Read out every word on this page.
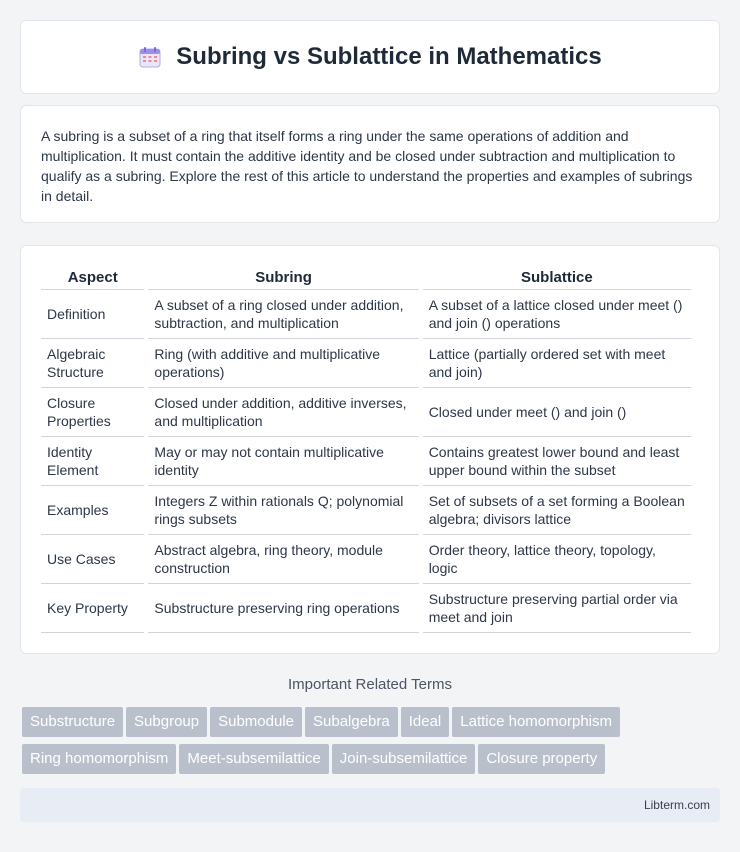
Subring vs Sublattice in Mathematics

A subring is a subset of a ring that itself forms a ring under the same operations of addition and multiplication. It must contain the additive identity and be closed under subtraction and multiplication to qualify as a subring. Explore the rest of this article to understand the properties and examples of subrings in detail.

Aspect	Subring	Sublattice
Definition	A subset of a ring closed under addition, subtraction, and multiplication	A subset of a lattice closed under meet () and join () operations
Algebraic Structure	Ring (with additive and multiplicative operations)	Lattice (partially ordered set with meet and join)
Closure Properties	Closed under addition, additive inverses, and multiplication	Closed under meet () and join ()
Identity Element	May or may not contain multiplicative identity	Contains greatest lower bound and least upper bound within the subset
Examples	Integers Z within rationals Q; polynomial rings subsets	Set of subsets of a set forming a Boolean algebra; divisors lattice
Use Cases	Abstract algebra, ring theory, module construction	Order theory, lattice theory, topology, logic
Key Property	Substructure preserving ring operations	Substructure preserving partial order via meet and join
Important Related Terms
Substructure Subgroup Submodule Subalgebra Ideal Lattice homomorphism
Ring homomorphism Meet-subsemilattice Join-subsemilattice Closure property
Libterm.com
